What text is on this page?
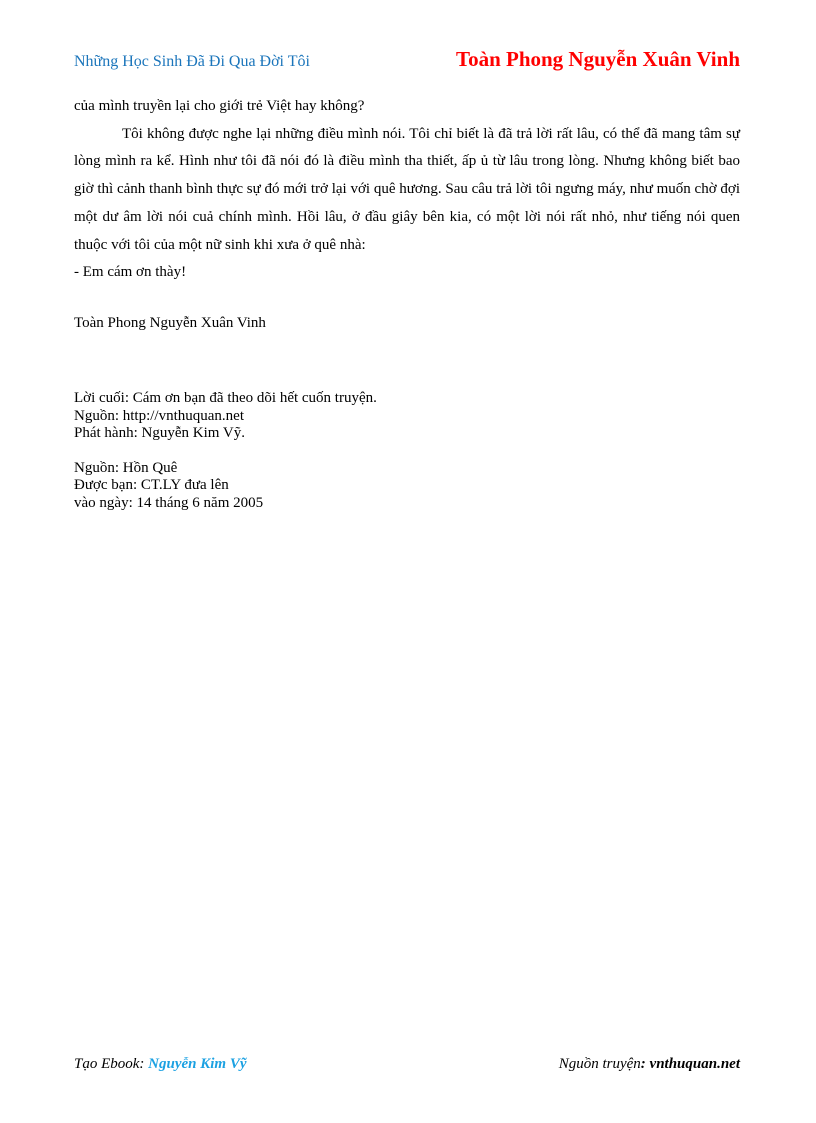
Những Học Sinh Đã Đi Qua Đời Tôi	Toàn Phong Nguyễn Xuân Vinh

của mình truyền lại cho giới trẻ Việt hay không?

Tôi không được nghe lại những điều mình nói. Tôi chỉ biết là đã trả lời rất lâu, có thể đã mang tâm sự lòng mình ra kể. Hình như tôi đã nói đó là điều mình tha thiết, ấp ủ từ lâu trong lòng. Nhưng không biết bao giờ thì cảnh thanh bình thực sự đó mới trở lại với quê hương. Sau câu trả lời tôi ngưng máy, như muốn chờ đợi một dư âm lời nói cuả chính mình. Hồi lâu, ở đầu giây bên kia, có một lời nói rất nhỏ, như tiếng nói quen thuộc với tôi của một nữ sinh khi xưa ở quê nhà:

- Em cám ơn thày!

Toàn Phong Nguyễn Xuân Vinh
Lời cuối: Cám ơn bạn đã theo dõi hết cuốn truyện.
Nguồn: http://vnthuquan.net
Phát hành: Nguyễn Kim Vỹ.
Nguồn: Hồn Quê
Được bạn: CT.LY đưa lên
vào ngày: 14 tháng 6 năm 2005
Tạo Ebook: Nguyễn Kim Vỹ	Nguồn truyện: vnthuquan.net
